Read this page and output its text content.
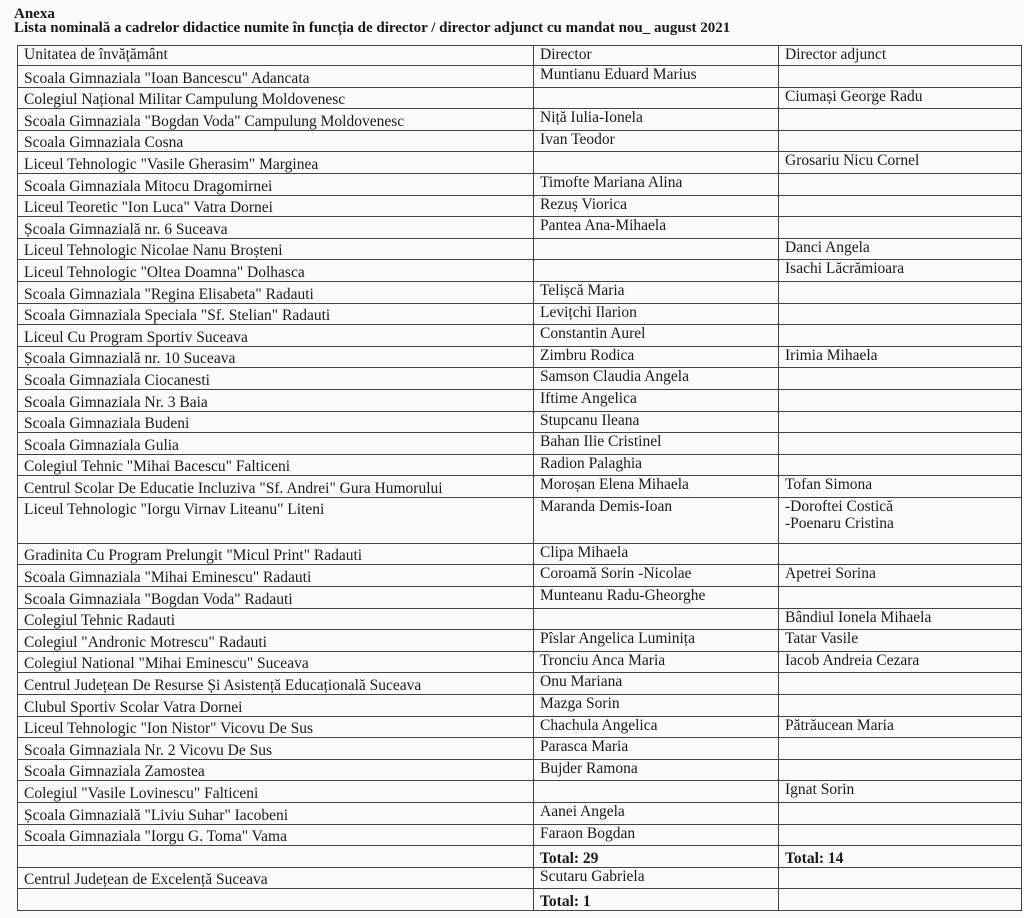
Anexa
Lista nominală a cadrelor didactice numite în funcția de director / director adjunct cu mandat nou_ august 2021
Unitatea de învățământ	Director	Director adjunct
Scoala Gimnaziala "Ioan Bancescu" Adancata	Muntianu Eduard Marius	
Colegiul Național Militar Campulung Moldovenesc		Ciumași George Radu
Scoala Gimnaziala "Bogdan Voda" Campulung Moldovenesc	Niță Iulia-Ionela	
Scoala Gimnaziala Cosna	Ivan Teodor	
Liceul Tehnologic "Vasile Gherasim" Marginea		Grosariu Nicu Cornel
Scoala Gimnaziala Mitocu Dragomirnei	Timofte Mariana Alina	
Liceul Teoretic "Ion Luca" Vatra Dornei	Rezuș Viorica	
Școala Gimnazială nr. 6 Suceava	Pantea Ana-Mihaela	
Liceul Tehnologic Nicolae Nanu Broșteni		Danci Angela
Liceul Tehnologic "Oltea Doamna" Dolhasca		Isachi Lăcrămioara
Scoala Gimnaziala "Regina Elisabeta" Radauti	Telișcă Maria	
Scoala Gimnaziala Speciala "Sf. Stelian" Radauti	Levițchi Ilarion	
Liceul Cu Program Sportiv Suceava	Constantin Aurel	
Școala Gimnazială nr. 10 Suceava	Zimbru Rodica	Irimia Mihaela
Scoala Gimnaziala Ciocanesti	Samson Claudia Angela	
Scoala Gimnaziala Nr. 3 Baia	Iftime Angelica	
Scoala Gimnaziala Budeni	Stupcanu Ileana	
Scoala Gimnaziala Gulia	Bahan Ilie Cristinel	
Colegiul Tehnic "Mihai Bacescu" Falticeni	Radion Palaghia	
Centrul Scolar De Educatie Incluziva "Sf. Andrei" Gura Humorului	Moroșan Elena Mihaela	Tofan Simona
Liceul Tehnologic "Iorgu Virnav Liteanu" Liteni	Maranda Demis-Ioan	-Doroftei Costică
-Poenaru Cristina

Gradinita Cu Program Prelungit "Micul Print" Radauti	Clipa Mihaela	
Scoala Gimnaziala "Mihai Eminescu" Radauti	Coroamă Sorin -Nicolae	Apetrei Sorina
Scoala Gimnaziala "Bogdan Voda" Radauti	Munteanu Radu-Gheorghe	
Colegiul Tehnic Radauti		Bândiul Ionela Mihaela
Colegiul "Andronic Motrescu" Radauti	Pîslar Angelica Luminița	Tatar Vasile
Colegiul National "Mihai Eminescu" Suceava	Tronciu Anca Maria	Iacob Andreia Cezara
Centrul Județean De Resurse Și Asistență Educațională Suceava	Onu Mariana	
Clubul Sportiv Scolar Vatra Dornei	Mazga Sorin	
Liceul Tehnologic "Ion Nistor" Vicovu De Sus	Chachula Angelica	Pătrăucean Maria
Scoala Gimnaziala Nr. 2 Vicovu De Sus	Parasca Maria	
Scoala Gimnaziala Zamostea	Bujder Ramona	
Colegiul "Vasile Lovinescu" Falticeni		Ignat Sorin
Școala Gimnazială "Liviu Suhar" Iacobeni	Aanei Angela	
Scoala Gimnaziala "Iorgu G. Toma" Vama	Faraon Bogdan	
	Total: 29	Total: 14
Centrul Județean de Excelență Suceava	Scutaru Gabriela	
	Total: 1	
